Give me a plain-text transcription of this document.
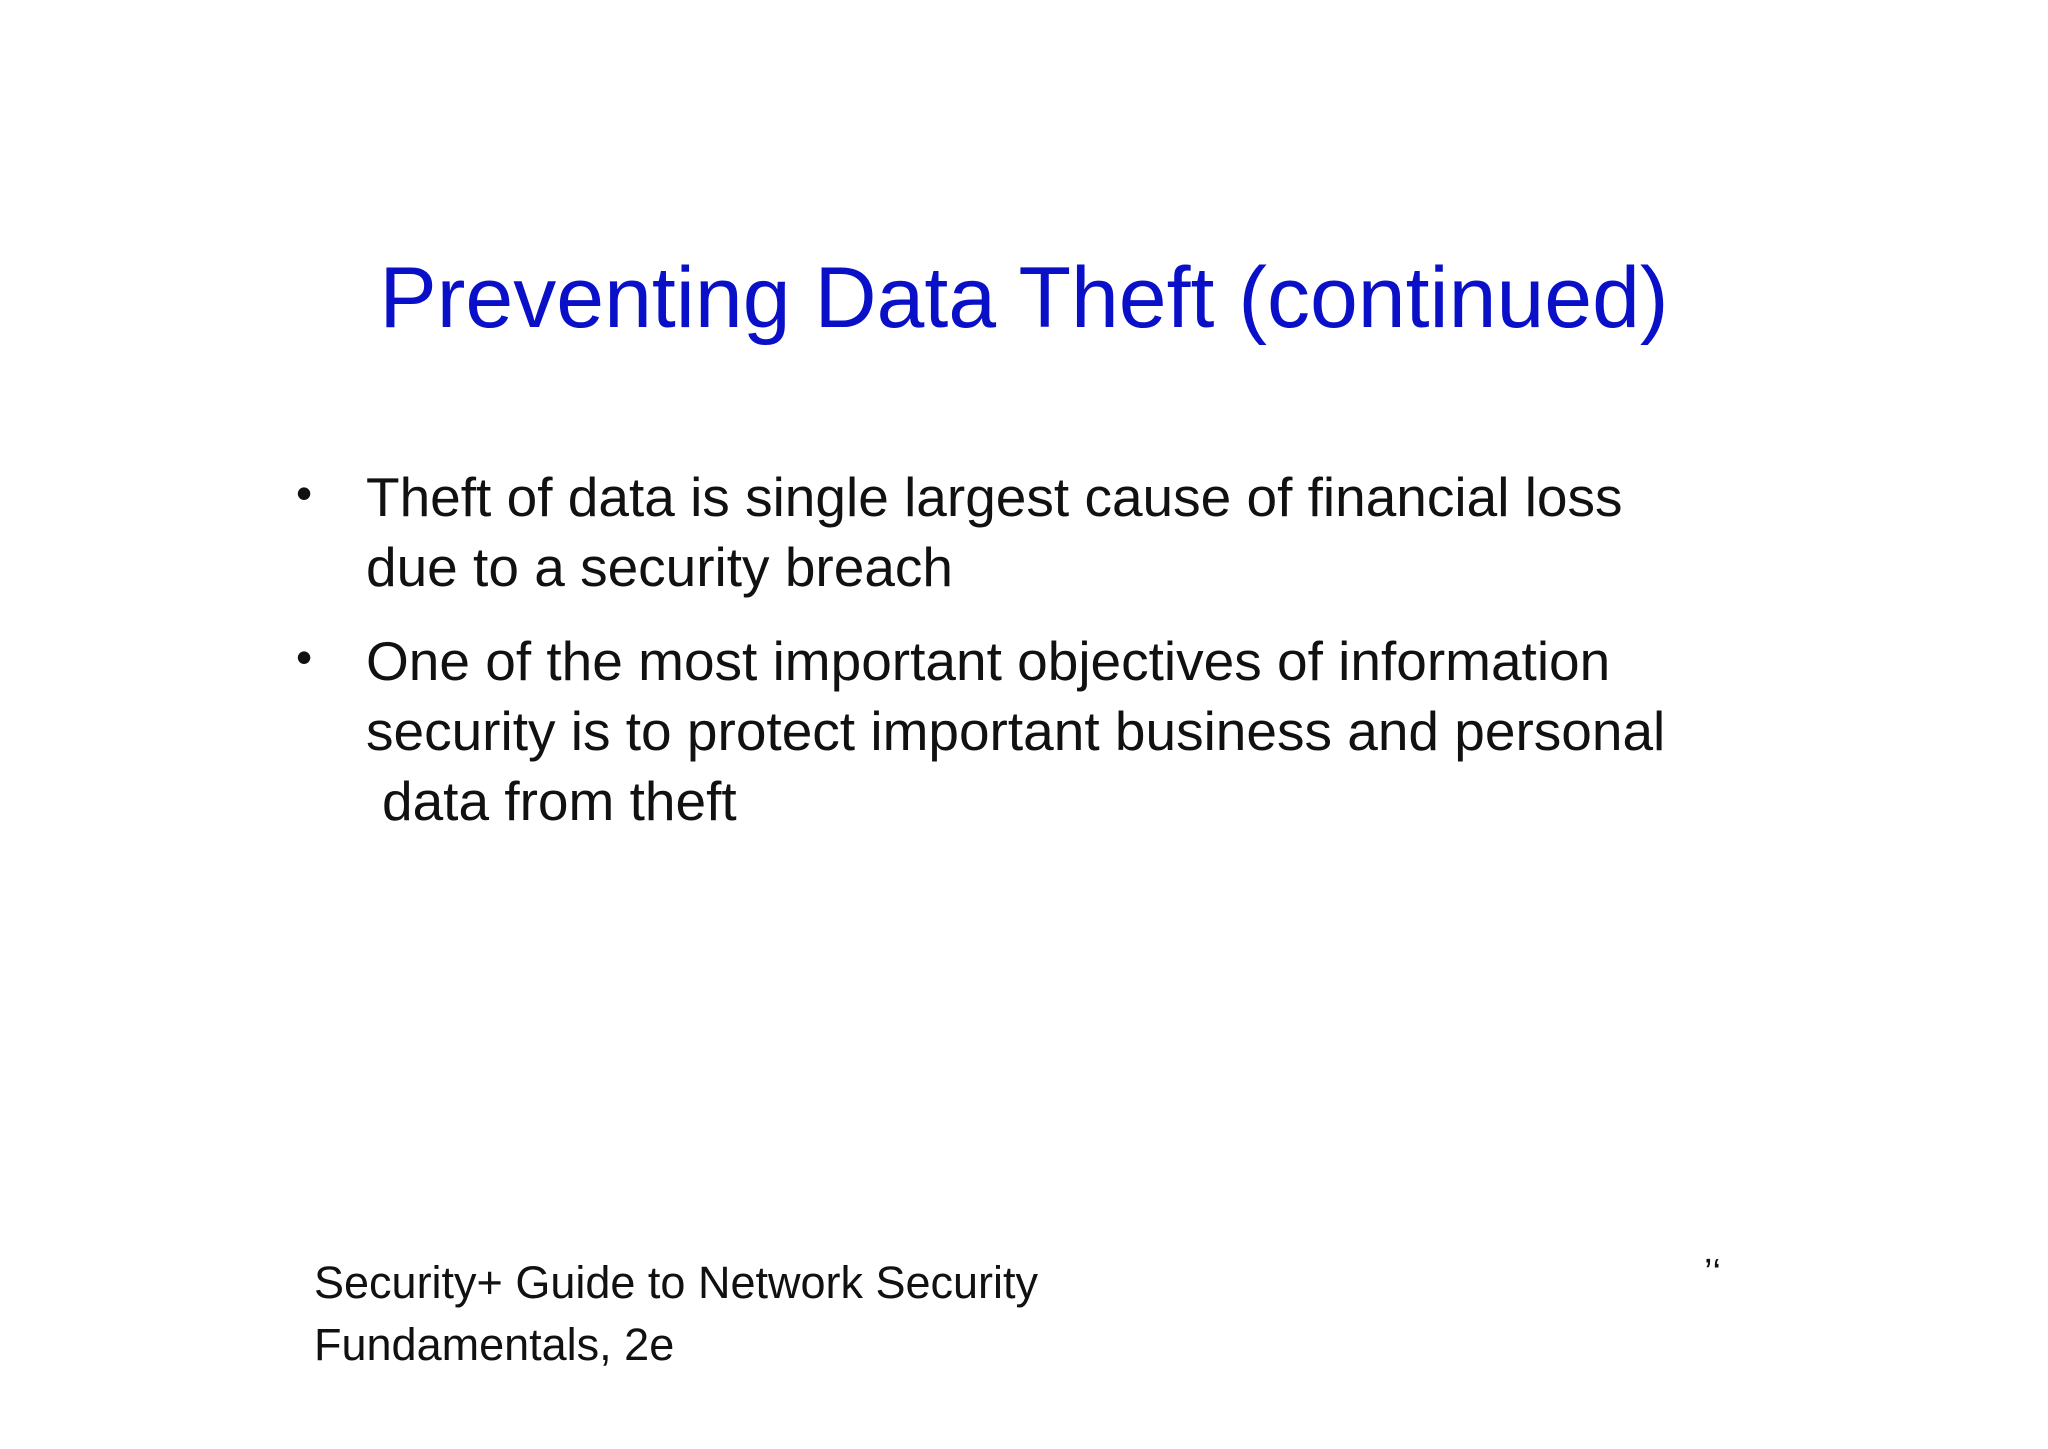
Preventing Data Theft (continued)
• Theft of data is single largest cause of financial loss
due to a security breach
• One of the most important objectives of information
security is to protect important business and personal
data from theft
Security+ Guide to Network Security
Fundamentals, 2e
’‘
